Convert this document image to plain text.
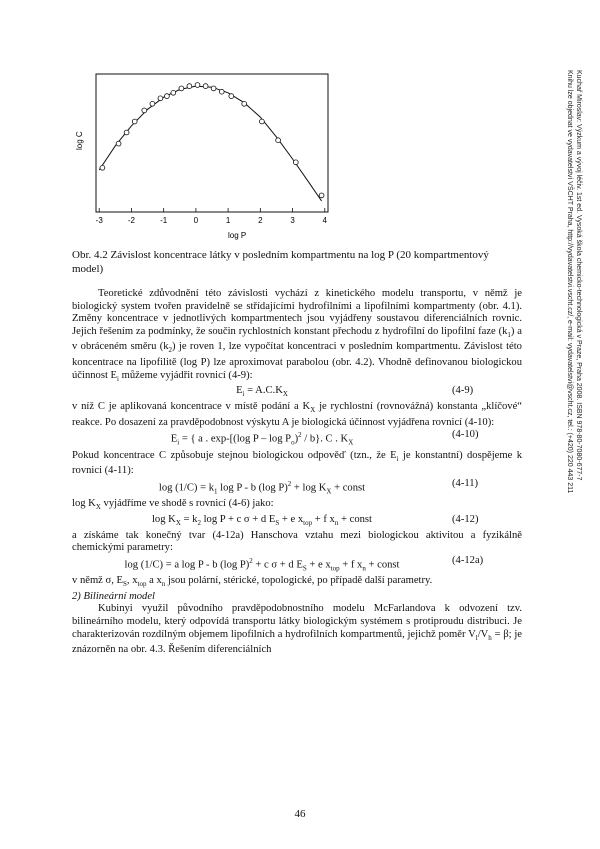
-3	-2	-1	0	1	2	3	4
log P
log C
Obr. 4.2 Závislost koncentrace látky v posledním kompartmentu na log P (20 kompartmentový model)

Teoretické zdůvodnění této závislosti vychází z kinetického modelu transportu, v němž je biologický system tvořen pravidelně se střídajícími hydrofilními a lipofilními kompartmenty (obr. 4.1). Změny koncentrace v jednotlivých kompartmentech jsou vyjádřeny soustavou diferenciálních rovnic. Jejich řešením za podmínky, že součin rychlostních konstant přechodu z hydrofilní do lipofilní faze $(k_1)$ a v obráceném směru $(k_2)$ je roven 1, lze vypočítat koncentraci v posledním kompartmentu. Závislost této koncentrace na lipofilitě (log P) lze aproximovat parabolou (obr. 4.2). Vhodně definovanou biologickou účinnost $E_i$ můžeme vyjádřit rovnicí (4-9):

$E_i = A.C.K_X$	(4-9)

v níž C je aplikovaná koncentrace v místě podání a $K_X$ je rychlostní (rovnovážná) konstanta „klíčové“ reakce. Po dosazení za pravděpodobnost výskytu A je biologická účinnost vyjádřena rovnicí (4-10):

$E_i$ = { a . exp-[(log P – $\log P_o)^2 / b$}. C . $K_X$
(4-10)

Pokud koncentrace C způsobuje stejnou biologickou odpověď (tzn., že $E_i$ je konstantní) dospějeme k rovnici (4-11):

$\log (1/C) = k_1$ log P - b (log $P)^2 + \log K_X$ + const	(4-11)

$\log K_X$ vyjádříme ve shodě s rovnicí (4-6) jako:

$\log K_X = k_2$ log P + c σ + d $E_S + e$ $x_{top} + f$ $x_n$ + const	(4-12)

a získáme tak konečný tvar (4-12a) Hanschova vztahu mezi biologickou aktivitou a fyzikálně chemickými parametry:

log (1/C) = a log P - b (log P)$^2$ + c σ + d $E_S + e$ $x_{top} + f$ $x_n$ + const	(4-12a)

v němž σ, $E_S$, $x_{top}$ a $x_n$ jsou polární, stérické, topologické, po případě další parametry.

2) Bilineární model

Kubinyi využil původního pravděpodobnostního modelu McFarlandova k odvození tzv. bilineárního modelu, který odpovídá transportu látky biologickým systémem s protiproudu distribuci. Je charakterizován rozdílným objemem lipofilních a hydrofilních kompartmentů, jejichž poměr $V_l/V_h = \beta$; je znázorněn na obr. 4.3. Řešením diferenciálních

46
Kuchař Miroslav: Výzkum a vývoj léčiv. 1st ed. Vysoká škola chemicko-technologická v Praze, Praha 2008. ISBN 978-80-7080-677-7
Knihu lze objednat ve vydavatelství VŠCHT Praha, http://vydavatelstvi.vscht.cz/, e-mail: vydavatelstvi@vscht.cz, tel.: (+420) 220 443 211
